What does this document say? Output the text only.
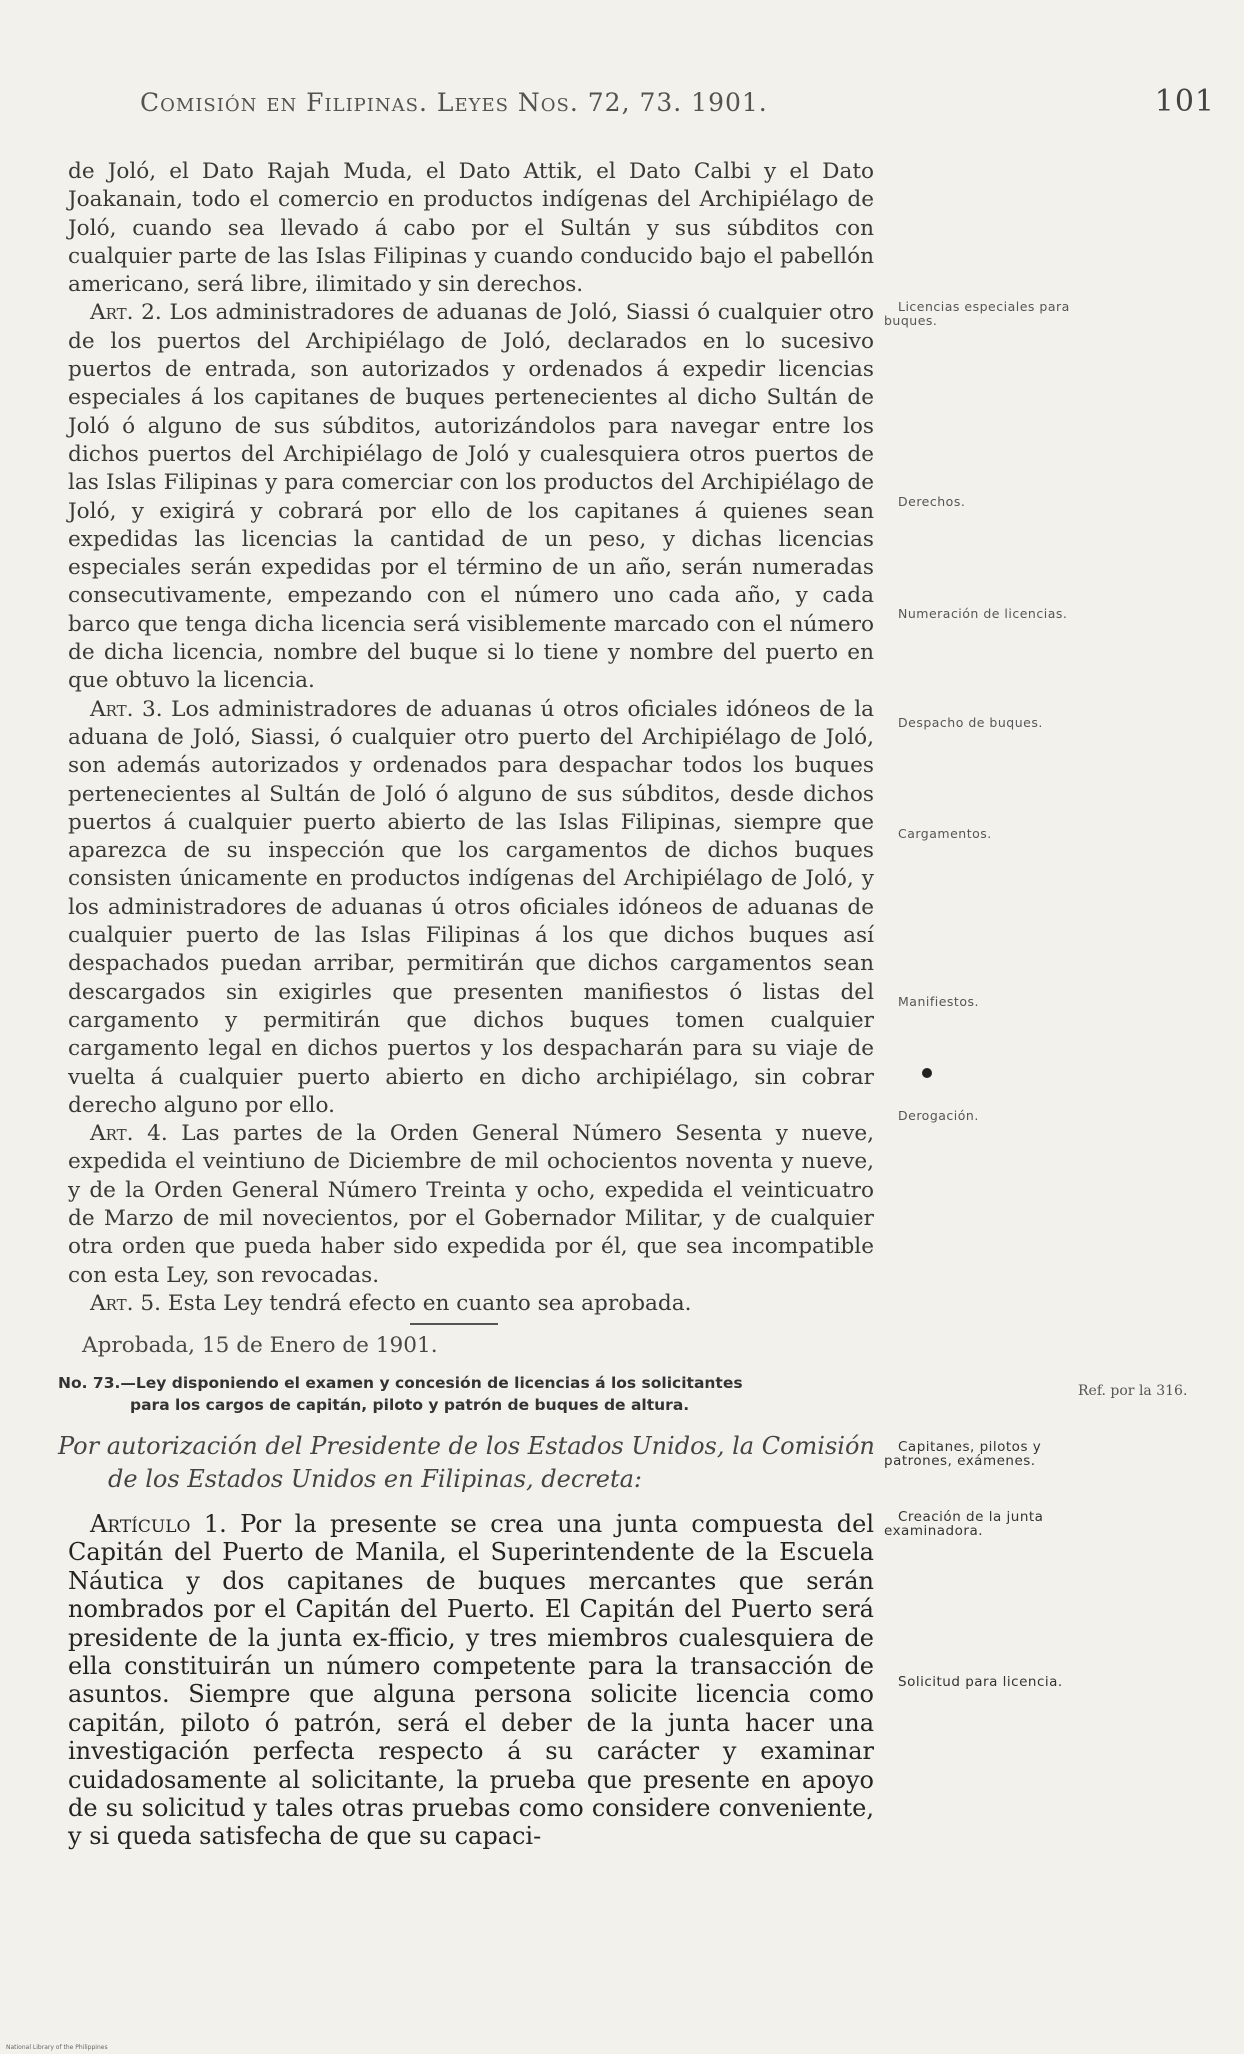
Comisión en Filipinas. Leyes Nos. 72, 73. 1901.	101

de Joló, el Dato Rajah Muda, el Dato Attik, el Dato Calbi y el Dato Joakanain, todo el comercio en productos indígenas del Archipiélago de Joló, cuando sea llevado á cabo por el Sultán y sus súbditos con cualquier parte de las Islas Filipinas y cuando conducido bajo el pabellón americano, será libre, ilimitado y sin derechos.

Art. 2. Los administradores de aduanas de Joló, Siassi ó cualquier otro de los puertos del Archipiélago de Joló, declarados en lo sucesivo puertos de entrada, son autorizados y ordenados á expedir licencias especiales á los capitanes de buques pertenecientes al dicho Sultán de Joló ó alguno de sus súbditos, autorizándolos para navegar entre los dichos puertos del Archipiélago de Joló y cualesquiera otros puertos de las Islas Filipinas y para comerciar con los productos del Archipiélago de Joló, y exigirá y cobrará por ello de los capitanes á quienes sean expedidas las licencias la cantidad de un peso, y dichas licencias especiales serán expedidas por el término de un año, serán numeradas consecutivamente, empezando con el número uno cada año, y cada barco que tenga dicha licencia será visiblemente marcado con el número de dicha licencia, nombre del buque si lo tiene y nombre del puerto en que obtuvo la licencia.

Art. 3. Los administradores de aduanas ú otros oficiales idóneos de la aduana de Joló, Siassi, ó cualquier otro puerto del Archipiélago de Joló, son además autorizados y ordenados para despachar todos los buques pertenecientes al Sultán de Joló ó alguno de sus súbditos, desde dichos puertos á cualquier puerto abierto de las Islas Filipinas, siempre que aparezca de su inspección que los cargamentos de dichos buques consisten únicamente en productos indígenas del Archipiélago de Joló, y los administradores de aduanas ú otros oficiales idóneos de aduanas de cualquier puerto de las Islas Filipinas á los que dichos buques así despachados puedan arribar, permitirán que dichos cargamentos sean descargados sin exigirles que presenten manifiestos ó listas del cargamento y permitirán que dichos buques tomen cualquier cargamento legal en dichos puertos y los despacharán para su viaje de vuelta á cualquier puerto abierto en dicho archipiélago, sin cobrar derecho alguno por ello.

Art. 4. Las partes de la Orden General Número Sesenta y nueve, expedida el veintiuno de Diciembre de mil ochocientos noventa y nueve, y de la Orden General Número Treinta y ocho, expedida el veinticuatro de Marzo de mil novecientos, por el Gobernador Militar, y de cualquier otra orden que pueda haber sido expedida por él, que sea incompatible con esta Ley, son revocadas.

Art. 5. Esta Ley tendrá efecto en cuanto sea aprobada.

Aprobada, 15 de Enero de 1901.

No. 73.—Ley disponiendo el examen y concesión de licencias á los solicitantes
para los cargos de capitán, piloto y patrón de buques de altura.
Por autorización del Presidente de los Estados Unidos, la Comisión
de los Estados Unidos en Filipinas, decreta:

Artículo 1. Por la presente se crea una junta compuesta del Capitán del Puerto de Manila, el Superintendente de la Escuela Náutica y dos capitanes de buques mercantes que serán nombrados por el Capitán del Puerto. El Capitán del Puerto será presidente de la junta ex-fficio, y tres miembros cualesquiera de ella constituirán un número competente para la transacción de asuntos. Siempre que alguna persona solicite licencia como capitán, piloto ó patrón, será el deber de la junta hacer una investigación perfecta respecto á su carácter y examinar cuidadosamente al solicitante, la prueba que presente en apoyo de su solicitud y tales otras pruebas como considere conveniente, y si queda satisfecha de que su capaci-

Licencias especiales para buques.
Derechos.
Numeración de licencias.
Despacho de buques.
Cargamentos.
Manifiestos.
Derogación.
Ref. por la 316.
Capitanes, pilotos y patrones, exámenes.
Creación de la junta examinadora.
Solicitud para licencia.
National Library of the Philippines
